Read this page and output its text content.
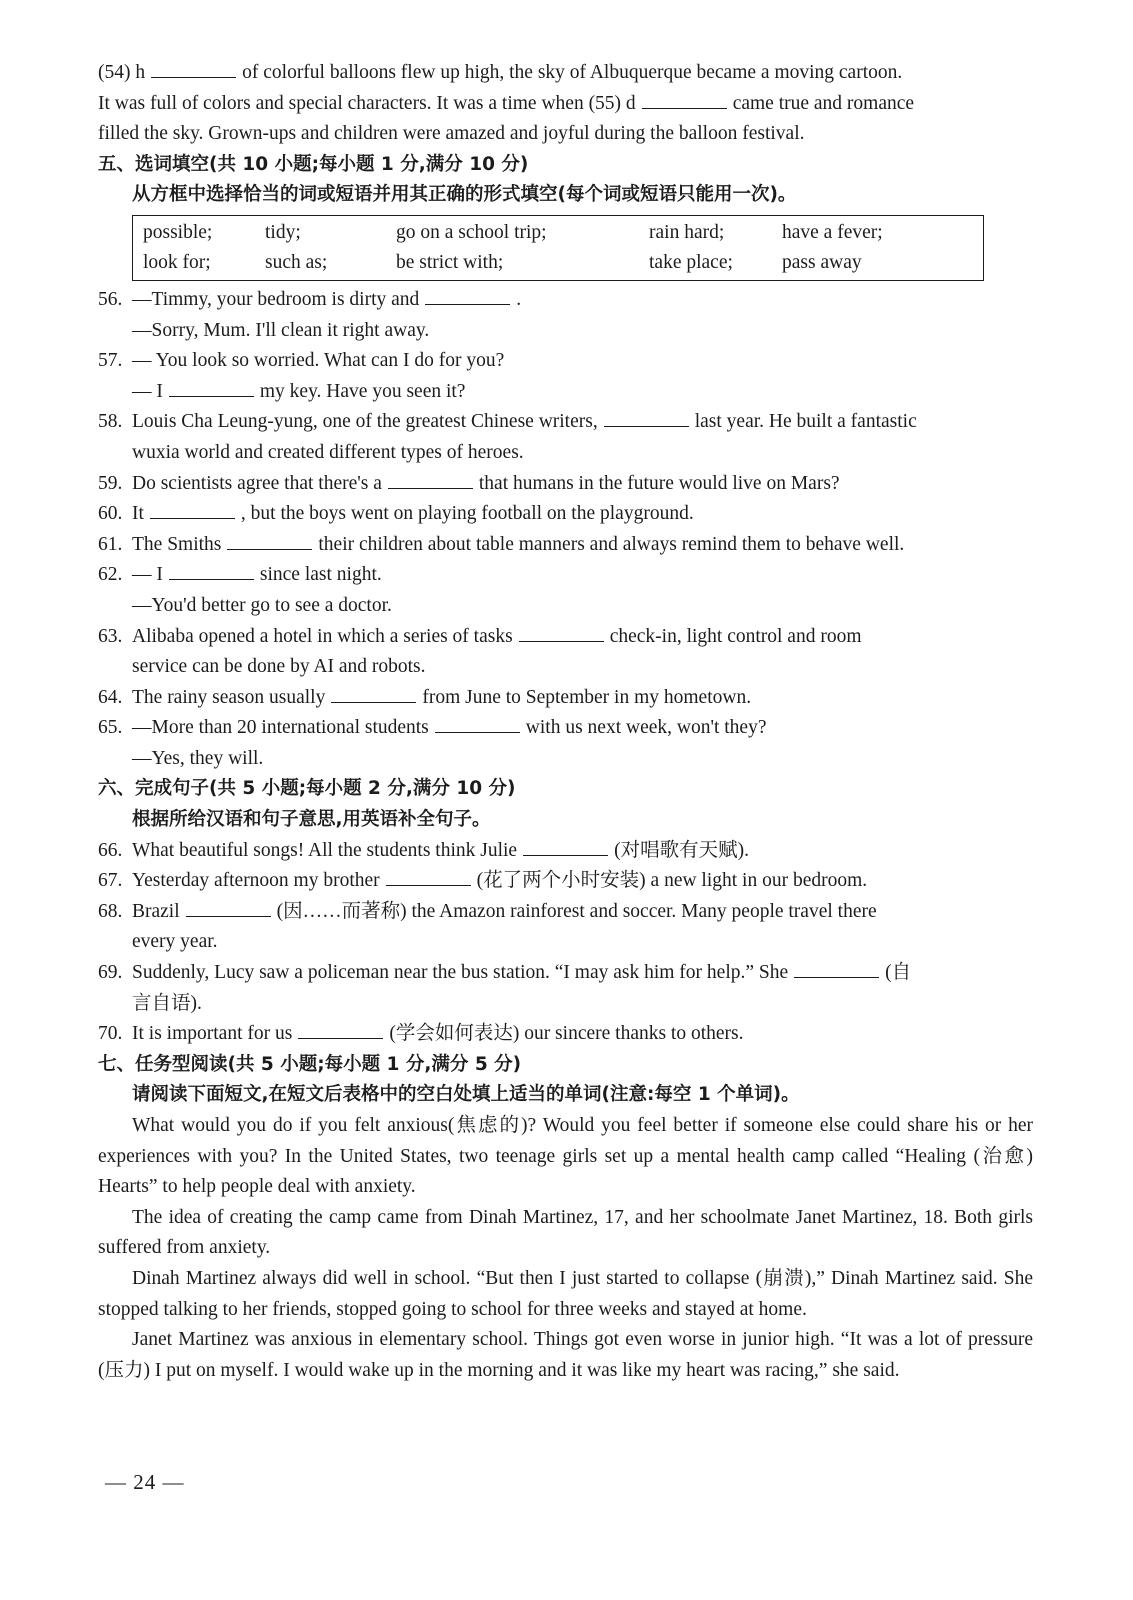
(54) h	of colorful balloons flew up high, the sky of Albuquerque became a moving cartoon.

It was full of colors and special characters. It was a time when (55) d	came true and romance

filled the sky. Grown-ups and children were amazed and joyful during the balloon festival.

五、选词填空(共 10 小题;每小题 1 分,满分 10 分)

从方框中选择恰当的词或短语并用其正确的形式填空(每个词或短语只能用一次)。

possible;	tidy;	go on a school trip;	rain hard;	have a fever;
look for;	such as;	be strict with;	take place;	pass away
56. —Timmy, your bedroom is dirty and	.

—Sorry, Mum. I'll clean it right away.

57. — You look so worried. What can I do for you?

— I	my key. Have you seen it?

58. Louis Cha Leung-yung, one of the greatest Chinese writers,	last year. He built a fantastic

wuxia world and created different types of heroes.

59. Do scientists agree that there's a	that humans in the future would live on Mars?
60. It	, but the boys went on playing football on the playground.
61. The Smiths	their children about table manners and always remind them to behave well.
62. — I	since last night.

—You'd better go to see a doctor.

63. Alibaba opened a hotel in which a series of tasks	check-in, light control and room

service can be done by AI and robots.

64. The rainy season usually	from June to September in my hometown.
65. —More than 20 international students	with us next week, won't they?

—Yes, they will.

六、完成句子(共 5 小题;每小题 2 分,满分 10 分)

根据所给汉语和句子意思,用英语补全句子。

66. What beautiful songs! All the students think Julie	(对唱歌有天赋).
67. Yesterday afternoon my brother	(花了两个小时安装) a new light in our bedroom.
68. Brazil	(因……而著称) the Amazon rainforest and soccer. Many people travel there

every year.

69. Suddenly, Lucy saw a policeman near the bus station. “I may ask him for help.” She	(自

言自语).

70. It is important for us	(学会如何表达) our sincere thanks to others.

七、任务型阅读(共 5 小题;每小题 1 分,满分 5 分)

请阅读下面短文,在短文后表格中的空白处填上适当的单词(注意:每空 1 个单词)。

What would you do if you felt anxious(焦虑的)? Would you feel better if someone else could share his or her experiences with you? In the United States, two teenage girls set up a mental health camp called “Healing (治愈) Hearts” to help people deal with anxiety.

The idea of creating the camp came from Dinah Martinez, 17, and her schoolmate Janet Martinez, 18. Both girls suffered from anxiety.

Dinah Martinez always did well in school. “But then I just started to collapse (崩溃),” Dinah Martinez said. She stopped talking to her friends, stopped going to school for three weeks and stayed at home.

Janet Martinez was anxious in elementary school. Things got even worse in junior high. “It was a lot of pressure (压力) I put on myself. I would wake up in the morning and it was like my heart was racing,” she said.

— 24 —
